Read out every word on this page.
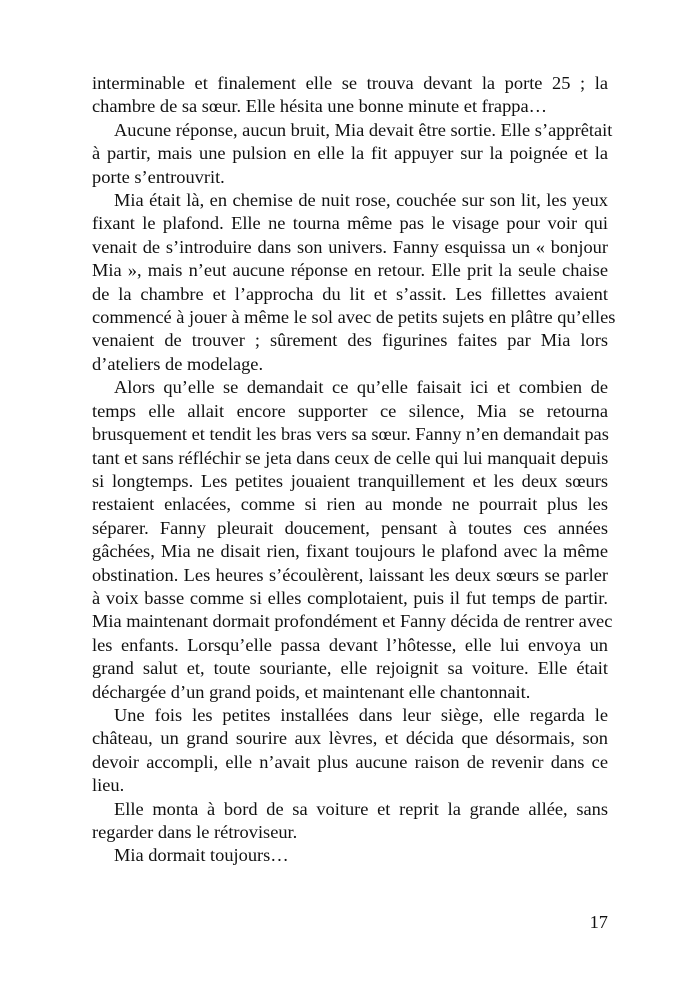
interminable et finalement elle se trouva devant la porte 25 ; la
chambre de sa sœur. Elle hésita une bonne minute et frappa…
Aucune réponse, aucun bruit, Mia devait être sortie. Elle s’apprêtait
à partir, mais une pulsion en elle la fit appuyer sur la poignée et la
porte s’entrouvrit.
Mia était là, en chemise de nuit rose, couchée sur son lit, les yeux
fixant le plafond. Elle ne tourna même pas le visage pour voir qui
venait de s’introduire dans son univers. Fanny esquissa un « bonjour
Mia », mais n’eut aucune réponse en retour. Elle prit la seule chaise
de la chambre et l’approcha du lit et s’assit. Les fillettes avaient
commencé à jouer à même le sol avec de petits sujets en plâtre qu’elles
venaient de trouver ; sûrement des figurines faites par Mia lors
d’ateliers de modelage.
Alors qu’elle se demandait ce qu’elle faisait ici et combien de
temps elle allait encore supporter ce silence, Mia se retourna
brusquement et tendit les bras vers sa sœur. Fanny n’en demandait pas
tant et sans réfléchir se jeta dans ceux de celle qui lui manquait depuis
si longtemps. Les petites jouaient tranquillement et les deux sœurs
restaient enlacées, comme si rien au monde ne pourrait plus les
séparer. Fanny pleurait doucement, pensant à toutes ces années
gâchées, Mia ne disait rien, fixant toujours le plafond avec la même
obstination. Les heures s’écoulèrent, laissant les deux sœurs se parler
à voix basse comme si elles complotaient, puis il fut temps de partir.
Mia maintenant dormait profondément et Fanny décida de rentrer avec
les enfants. Lorsqu’elle passa devant l’hôtesse, elle lui envoya un
grand salut et, toute souriante, elle rejoignit sa voiture. Elle était
déchargée d’un grand poids, et maintenant elle chantonnait.
Une fois les petites installées dans leur siège, elle regarda le
château, un grand sourire aux lèvres, et décida que désormais, son
devoir accompli, elle n’avait plus aucune raison de revenir dans ce
lieu.
Elle monta à bord de sa voiture et reprit la grande allée, sans
regarder dans le rétroviseur.
Mia dormait toujours…
17
